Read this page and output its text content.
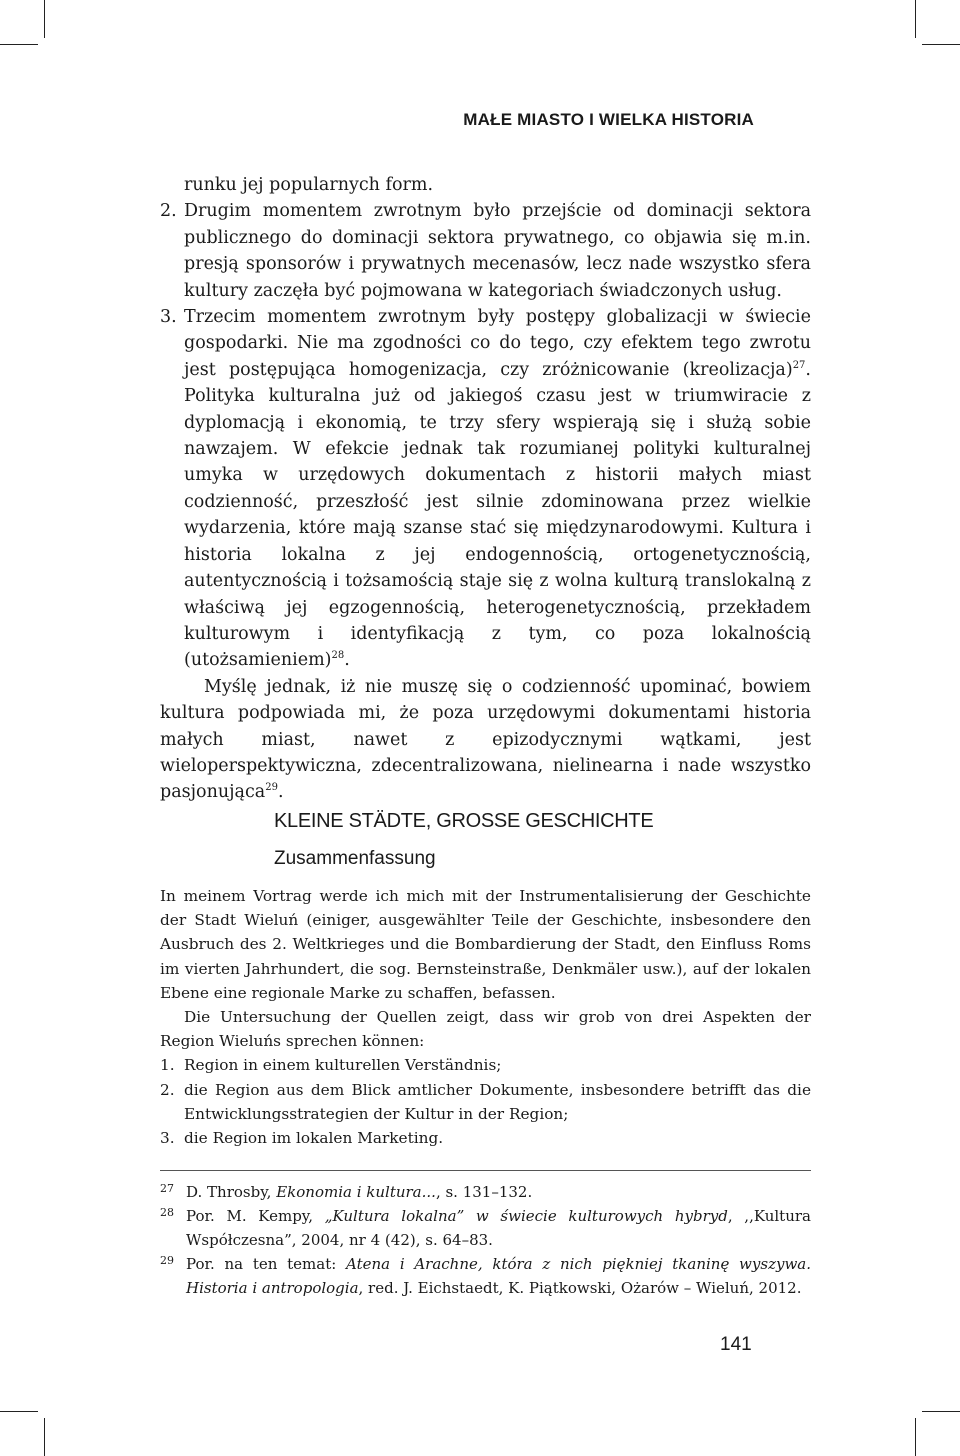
MAŁE MIASTO I WIELKA HISTORIA

runku jej popularnych form.

2. Drugim momentem zwrotnym było przejście od dominacji sektora publicznego do dominacji sektora prywatnego, co objawia się m.in. presją sponsorów i prywatnych mecenasów, lecz nade wszystko sfera kultury zaczęła być pojmowana w kategoriach świadczonych usług.
3. Trzecim momentem zwrotnym były postępy globalizacji w świecie gospodarki. Nie ma zgodności co do tego, czy efektem tego zwrotu jest postępująca homogenizacja, czy zróżnicowanie (kreolizacja)$^{27}$. Polityka kulturalna już od jakiegoś czasu jest w triumwiracie z dyplomacją i ekonomią, te trzy sfery wspierają się i służą sobie nawzajem. W efekcie jednak tak rozumianej polityki kulturalnej umyka w urzędowych dokumentach z historii małych miast codzienność, przeszłość jest silnie zdominowana przez wielkie wydarzenia, które mają szanse stać się międzynarodowymi. Kultura i historia lokalna z jej endogennością, ortogenetycznością, autentycznością i tożsamością staje się z wolna kulturą translokalną z właściwą jej egzogennością, heterogenetycznością, przekładem kulturowym i identyfikacją z tym, co poza lokalnością (utożsamieniem)$^{28}$.

Myślę jednak, iż nie muszę się o codzienność upominać, bowiem kultura podpowiada mi, że poza urzędowymi dokumentami historia małych miast, nawet z epizodycznymi wątkami, jest wieloperspektywiczna, zdecentralizowana, nielinearna i nade wszystko pasjonująca$^{29}$.

KLEINE STÄDTE, GROSSE GESCHICHTE
Zusammenfassung

In meinem Vortrag werde ich mich mit der Instrumentalisierung der Geschichte der Stadt Wieluń (einiger, ausgewählter Teile der Geschichte, insbesondere den Ausbruch des 2. Weltkrieges und die Bombardierung der Stadt, den Einfluss Roms im vierten Jahrhundert, die sog. Bernsteinstraße, Denkmäler usw.), auf der lokalen Ebene eine regionale Marke zu schaffen, befassen.

Die Untersuchung der Quellen zeigt, dass wir grob von drei Aspekten der Region Wieluńs sprechen können:

1. Region in einem kulturellen Verständnis;
2. die Region aus dem Blick amtlicher Dokumente, insbesondere betrifft das die Entwicklungsstrategien der Kultur in der Region;
3. die Region im lokalen Marketing.
27 D. Throsby, Ekonomia i kultura..., s. 131–132.
28 Por. M. Kempy, „Kultura lokalna” w świecie kulturowych hybryd, ,,Kultura Współczesna”, 2004, nr 4 (42), s. 64–83.
29 Por. na ten temat: Atena i Arachne, która z nich piękniej tkaninę wyszywa. Historia i antropologia, red. J. Eichstaedt, K. Piątkowski, Ożarów – Wieluń, 2012.
141
